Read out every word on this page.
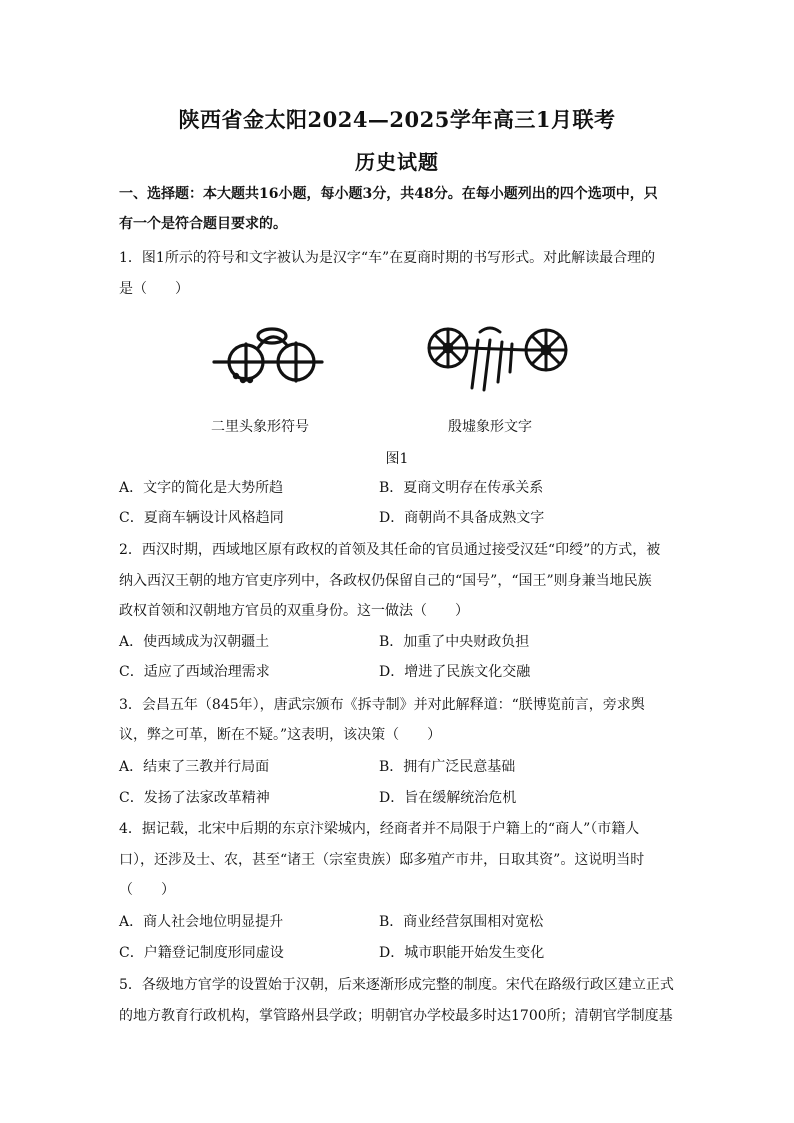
陕西省金太阳2024—2025学年高三1月联考
历史试题
一、选择题：本大题共16小题，每小题3分，共48分。在每小题列出的四个选项中，只
有一个是符合题目要求的。
1．图1所示的符号和文字被认为是汉字“车”在夏商时期的书写形式。对此解读最合理的
是（　　）
二里头象形符号	殷墟象形文字
图1
A．文字的简化是大势所趋	B．夏商文明存在传承关系
C．夏商车辆设计风格趋同	D．商朝尚不具备成熟文字
2．西汉时期，西域地区原有政权的首领及其任命的官员通过接受汉廷“印绶”的方式，被
纳入西汉王朝的地方官吏序列中，各政权仍保留自己的“国号”，“国王”则身兼当地民族
政权首领和汉朝地方官员的双重身份。这一做法（　　）
A．使西域成为汉朝疆土	B．加重了中央财政负担
C．适应了西域治理需求	D．增进了民族文化交融
3．会昌五年（845年），唐武宗颁布《拆寺制》并对此解释道：“朕博览前言，旁求舆
议，弊之可革，断在不疑。”这表明，该决策（　　）
A．结束了三教并行局面	B．拥有广泛民意基础
C．发扬了法家改革精神	D．旨在缓解统治危机
4．据记载，北宋中后期的东京汴梁城内，经商者并不局限于户籍上的“商人”（市籍人
口），还涉及士、农，甚至“诸王（宗室贵族）邸多殖产市井，日取其资”。这说明当时
（　　）
A．商人社会地位明显提升	B．商业经营氛围相对宽松
C．户籍登记制度形同虚设	D．城市职能开始发生变化
5．各级地方官学的设置始于汉朝，后来逐渐形成完整的制度。宋代在路级行政区建立正式
的地方教育行政机构，掌管路州县学政；明朝官办学校最多时达1700所；清朝官学制度基
